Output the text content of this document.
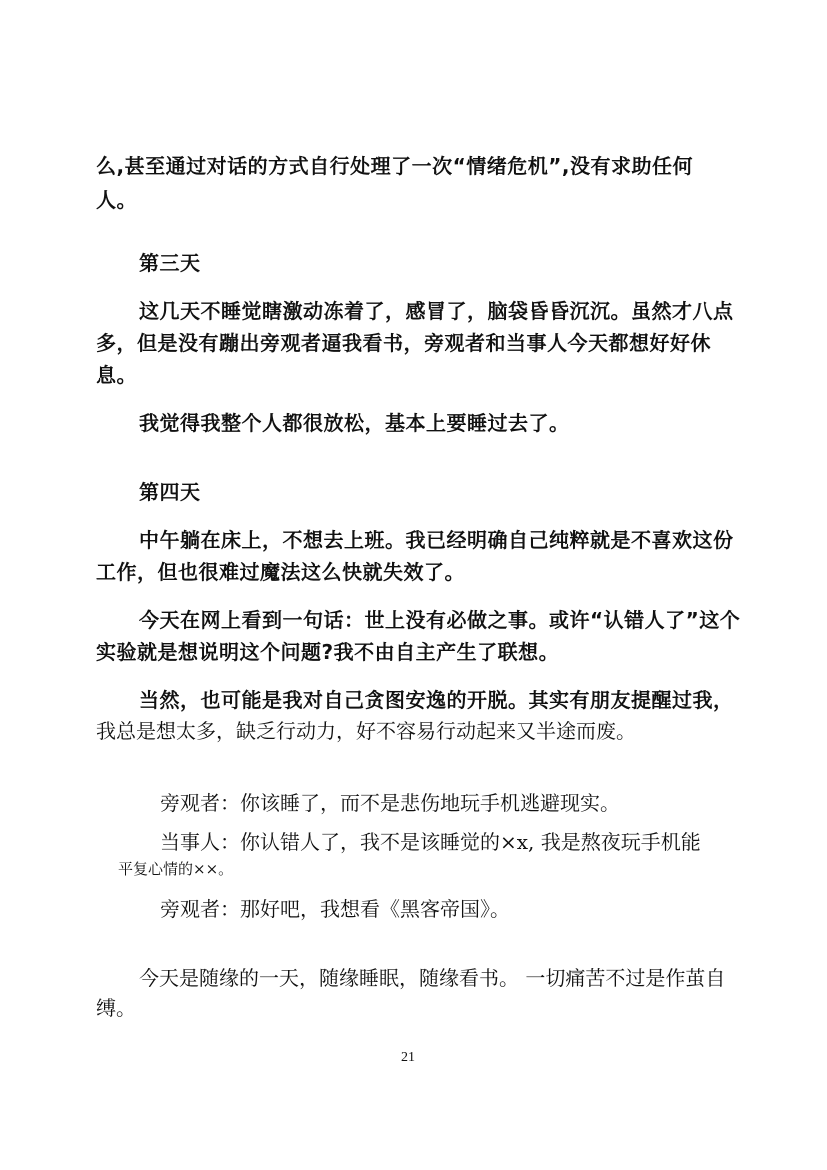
么,甚至通过对话的方式自行处理了一次“情绪危机”,没有求助任何

人。

第三天

这几天不睡觉瞎激动冻着了，感冒了，脑袋昏昏沉沉。虽然才八点

多，但是没有蹦出旁观者逼我看书，旁观者和当事人今天都想好好休

息。

我觉得我整个人都很放松，基本上要睡过去了。

第四天

中午躺在床上，不想去上班。我已经明确自己纯粹就是不喜欢这份

工作，但也很难过魔法这么快就失效了。

今天在网上看到一句话：世上没有必做之事。或许“认错人了”这个

实验就是想说明这个问题?我不由自主产生了联想。

当然，也可能是我对自己贪图安逸的开脱。其实有朋友提醒过我，

我总是想太多，缺乏行动力，好不容易行动起来又半途而废。

旁观者：你该睡了，而不是悲伤地玩手机逃避现实。

当事人：你认错人了，我不是该睡觉的×x, 我是熬夜玩手机能

平复心情的××。

旁观者：那好吧，我想看《黑客帝国》。

今天是随缘的一天，随缘睡眠，随缘看书。 一切痛苦不过是作茧自

缚。

21
